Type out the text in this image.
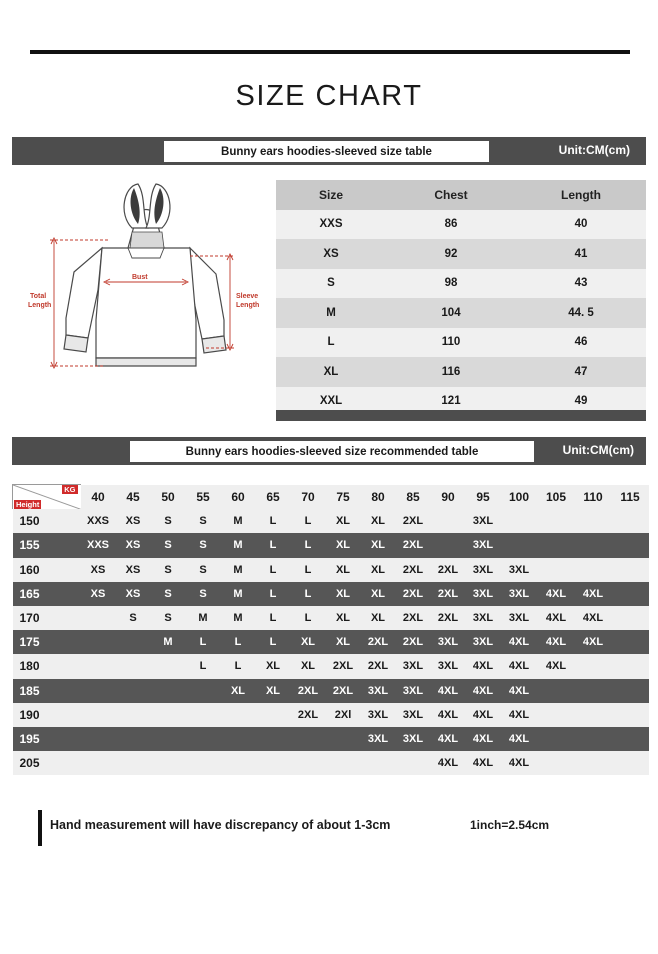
SIZE CHART
Bunny ears hoodies-sleeved size table	Unit:CM(cm)
Total
Length
Bust
Sleeve
Length
Size	Chest	Length
XXS	86	40
XS	92	41
S	98	43
M	104	44. 5
L	110	46
XL	116	47
XXL	121	49
Bunny ears hoodies-sleeved size recommended table	Unit:CM(cm)
KG
Height	40	45	50	55	60	65	70	75	80	85	90	95	100	105	110	115
150	XXS	XS	S	S	M	L	L	XL	XL	2XL		3XL				
155	XXS	XS	S	S	M	L	L	XL	XL	2XL		3XL				
160	XS	XS	S	S	M	L	L	XL	XL	2XL	2XL	3XL	3XL			
165	XS	XS	S	S	M	L	L	XL	XL	2XL	2XL	3XL	3XL	4XL	4XL	
170		S	S	M	M	L	L	XL	XL	2XL	2XL	3XL	3XL	4XL	4XL	
175			M	L	L	L	XL	XL	2XL	2XL	3XL	3XL	4XL	4XL	4XL	
180				L	L	XL	XL	2XL	2XL	3XL	3XL	4XL	4XL	4XL		
185					XL	XL	2XL	2XL	3XL	3XL	4XL	4XL	4XL			
190							2XL	2Xl	3XL	3XL	4XL	4XL	4XL			
195									3XL	3XL	4XL	4XL	4XL			
205											4XL	4XL	4XL			
Hand measurement will have discrepancy of about 1-3cm	1inch=2.54cm
